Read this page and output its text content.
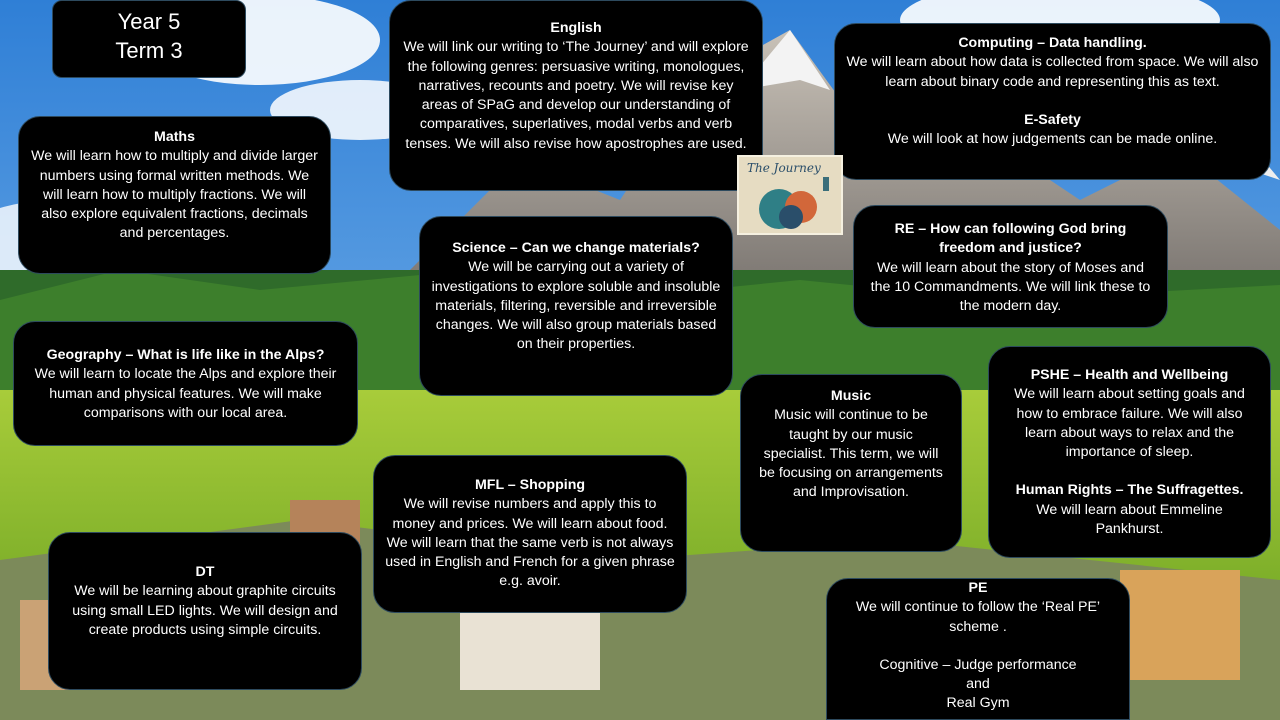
Year 5

Term 3

English

We will link our writing to ‘The Journey’ and will explore the following genres: persuasive writing, monologues, narratives, recounts and poetry. We will revise key areas of SPaG and develop our understanding of comparatives, superlatives, modal verbs and verb tenses. We will also revise how apostrophes are used.

Computing – Data handling.

We will learn about how data is collected from space. We will also learn about binary code and representing this as text.

E-Safety

We will look at how judgements can be made online.

Maths

We will learn how to multiply and divide larger numbers using formal written methods. We will learn how to multiply fractions. We will also explore equivalent fractions, decimals and percentages.

The Journey
Science – Can we change materials?

We will be carrying out a variety of investigations to explore soluble and insoluble materials, filtering, reversible and irreversible changes. We will also group materials based on their properties.

RE – How can following God bring freedom and justice?

We will learn about the story of Moses and the 10 Commandments. We will link these to the modern day.

Geography – What is life like in the Alps?

We will learn to locate the Alps and explore their human and physical features. We will make comparisons with our local area.

Music

Music will continue to be taught by our music specialist. This term, we will be focusing on arrangements and Improvisation.

PSHE – Health and Wellbeing

We will learn about setting goals and how to embrace failure. We will also learn about ways to relax and the importance of sleep.

Human Rights – The Suffragettes.

We will learn about Emmeline Pankhurst.

MFL – Shopping

We will revise numbers and apply this to money and prices. We will learn about food. We will learn that the same verb is not always used in English and French for a given phrase e.g. avoir.

DT

We will be learning about graphite circuits using small LED lights. We will design and create products using simple circuits.

PE

We will continue to follow the ‘Real PE’ scheme .

Cognitive – Judge performance

and

Real Gym
